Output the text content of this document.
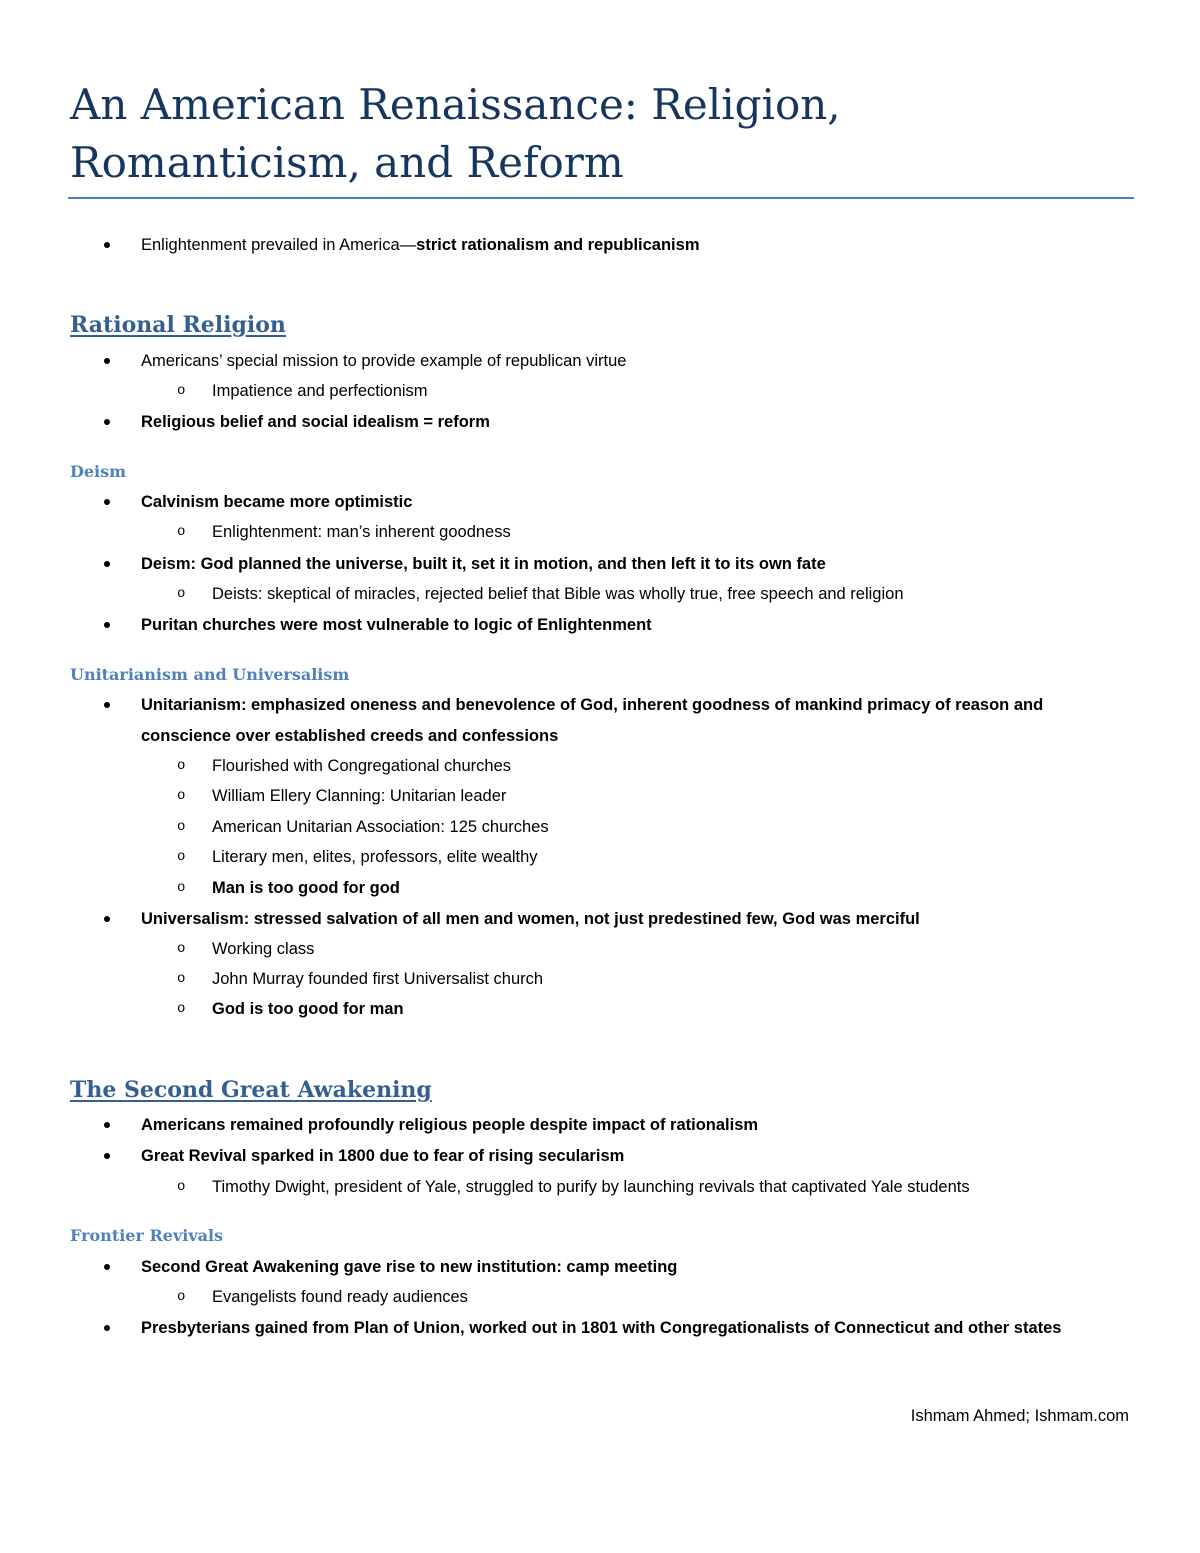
An American Renaissance: Religion, Romanticism, and Reform
Enlightenment prevailed in America—strict rationalism and republicanism
Rational Religion
Americans’ special mission to provide example of republican virtue
o Impatience and perfectionism
Religious belief and social idealism = reform
Deism
Calvinism became more optimistic
o Enlightenment: man’s inherent goodness
Deism: God planned the universe, built it, set it in motion, and then left it to its own fate
o Deists: skeptical of miracles, rejected belief that Bible was wholly true, free speech and religion
Puritan churches were most vulnerable to logic of Enlightenment
Unitarianism and Universalism
Unitarianism: emphasized oneness and benevolence of God, inherent goodness of mankind primacy of reason and conscience over established creeds and confessions
o Flourished with Congregational churches
o William Ellery Clanning: Unitarian leader
o American Unitarian Association: 125 churches
o Literary men, elites, professors, elite wealthy
o Man is too good for god
Universalism: stressed salvation of all men and women, not just predestined few, God was merciful
o Working class
o John Murray founded first Universalist church
o God is too good for man
The Second Great Awakening
Americans remained profoundly religious people despite impact of rationalism
Great Revival sparked in 1800 due to fear of rising secularism
o Timothy Dwight, president of Yale, struggled to purify by launching revivals that captivated Yale students
Frontier Revivals
Second Great Awakening gave rise to new institution: camp meeting
o Evangelists found ready audiences
Presbyterians gained from Plan of Union, worked out in 1801 with Congregationalists of Connecticut and other states
Ishmam Ahmed; Ishmam.com
